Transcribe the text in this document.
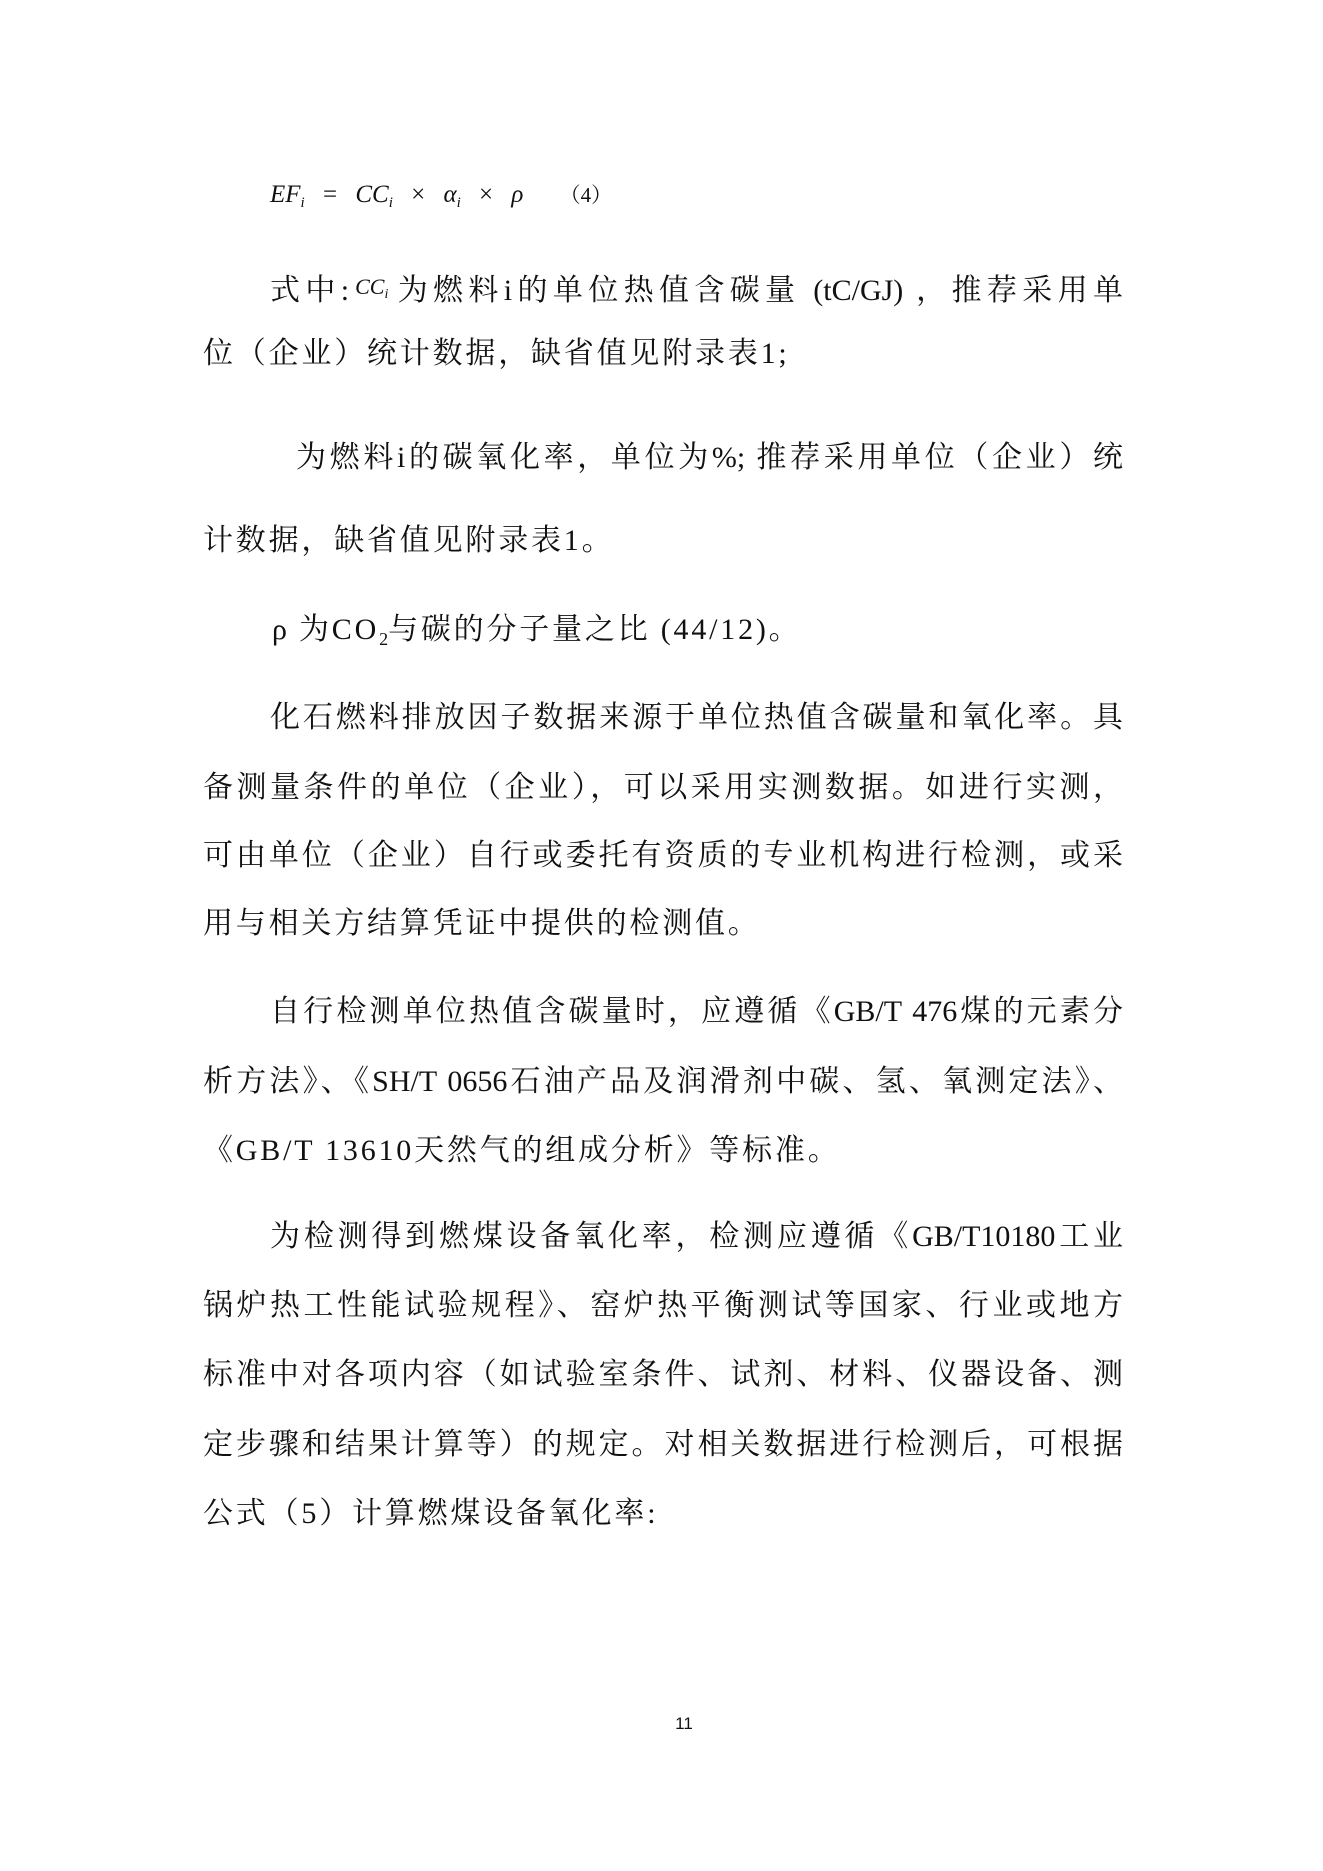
$EF_i = CC_i \times \alpha_i \times \rho$ （4）
式中: $^{CC_i}$ 为燃料i的单位热值含碳量 (tC/GJ) ，推荐采用单
位（企业）统计数据，缺省值见附录表1;
为燃料i的碳氧化率，单位为%; 推荐采用单位（企业）统
计数据，缺省值见附录表1。
ρ 为$CO_2$与碳的分子量之比 (44/12)。
化石燃料排放因子数据来源于单位热值含碳量和氧化率。具
备测量条件的单位（企业），可以采用实测数据。如进行实测，
可由单位（企业）自行或委托有资质的专业机构进行检测，或采
用与相关方结算凭证中提供的检测值。
自行检测单位热值含碳量时，应遵循《GB/T 476煤的元素分
析方法》、《SH/T 0656石油产品及润滑剂中碳、氢、氧测定法》、
《GB/T 13610天然气的组成分析》等标准。
为检测得到燃煤设备氧化率，检测应遵循《GB/T10180工业
锅炉热工性能试验规程》、窑炉热平衡测试等国家、行业或地方
标准中对各项内容（如试验室条件、试剂、材料、仪器设备、测
定步骤和结果计算等）的规定。对相关数据进行检测后，可根据
公式（5）计算燃煤设备氧化率:
11
